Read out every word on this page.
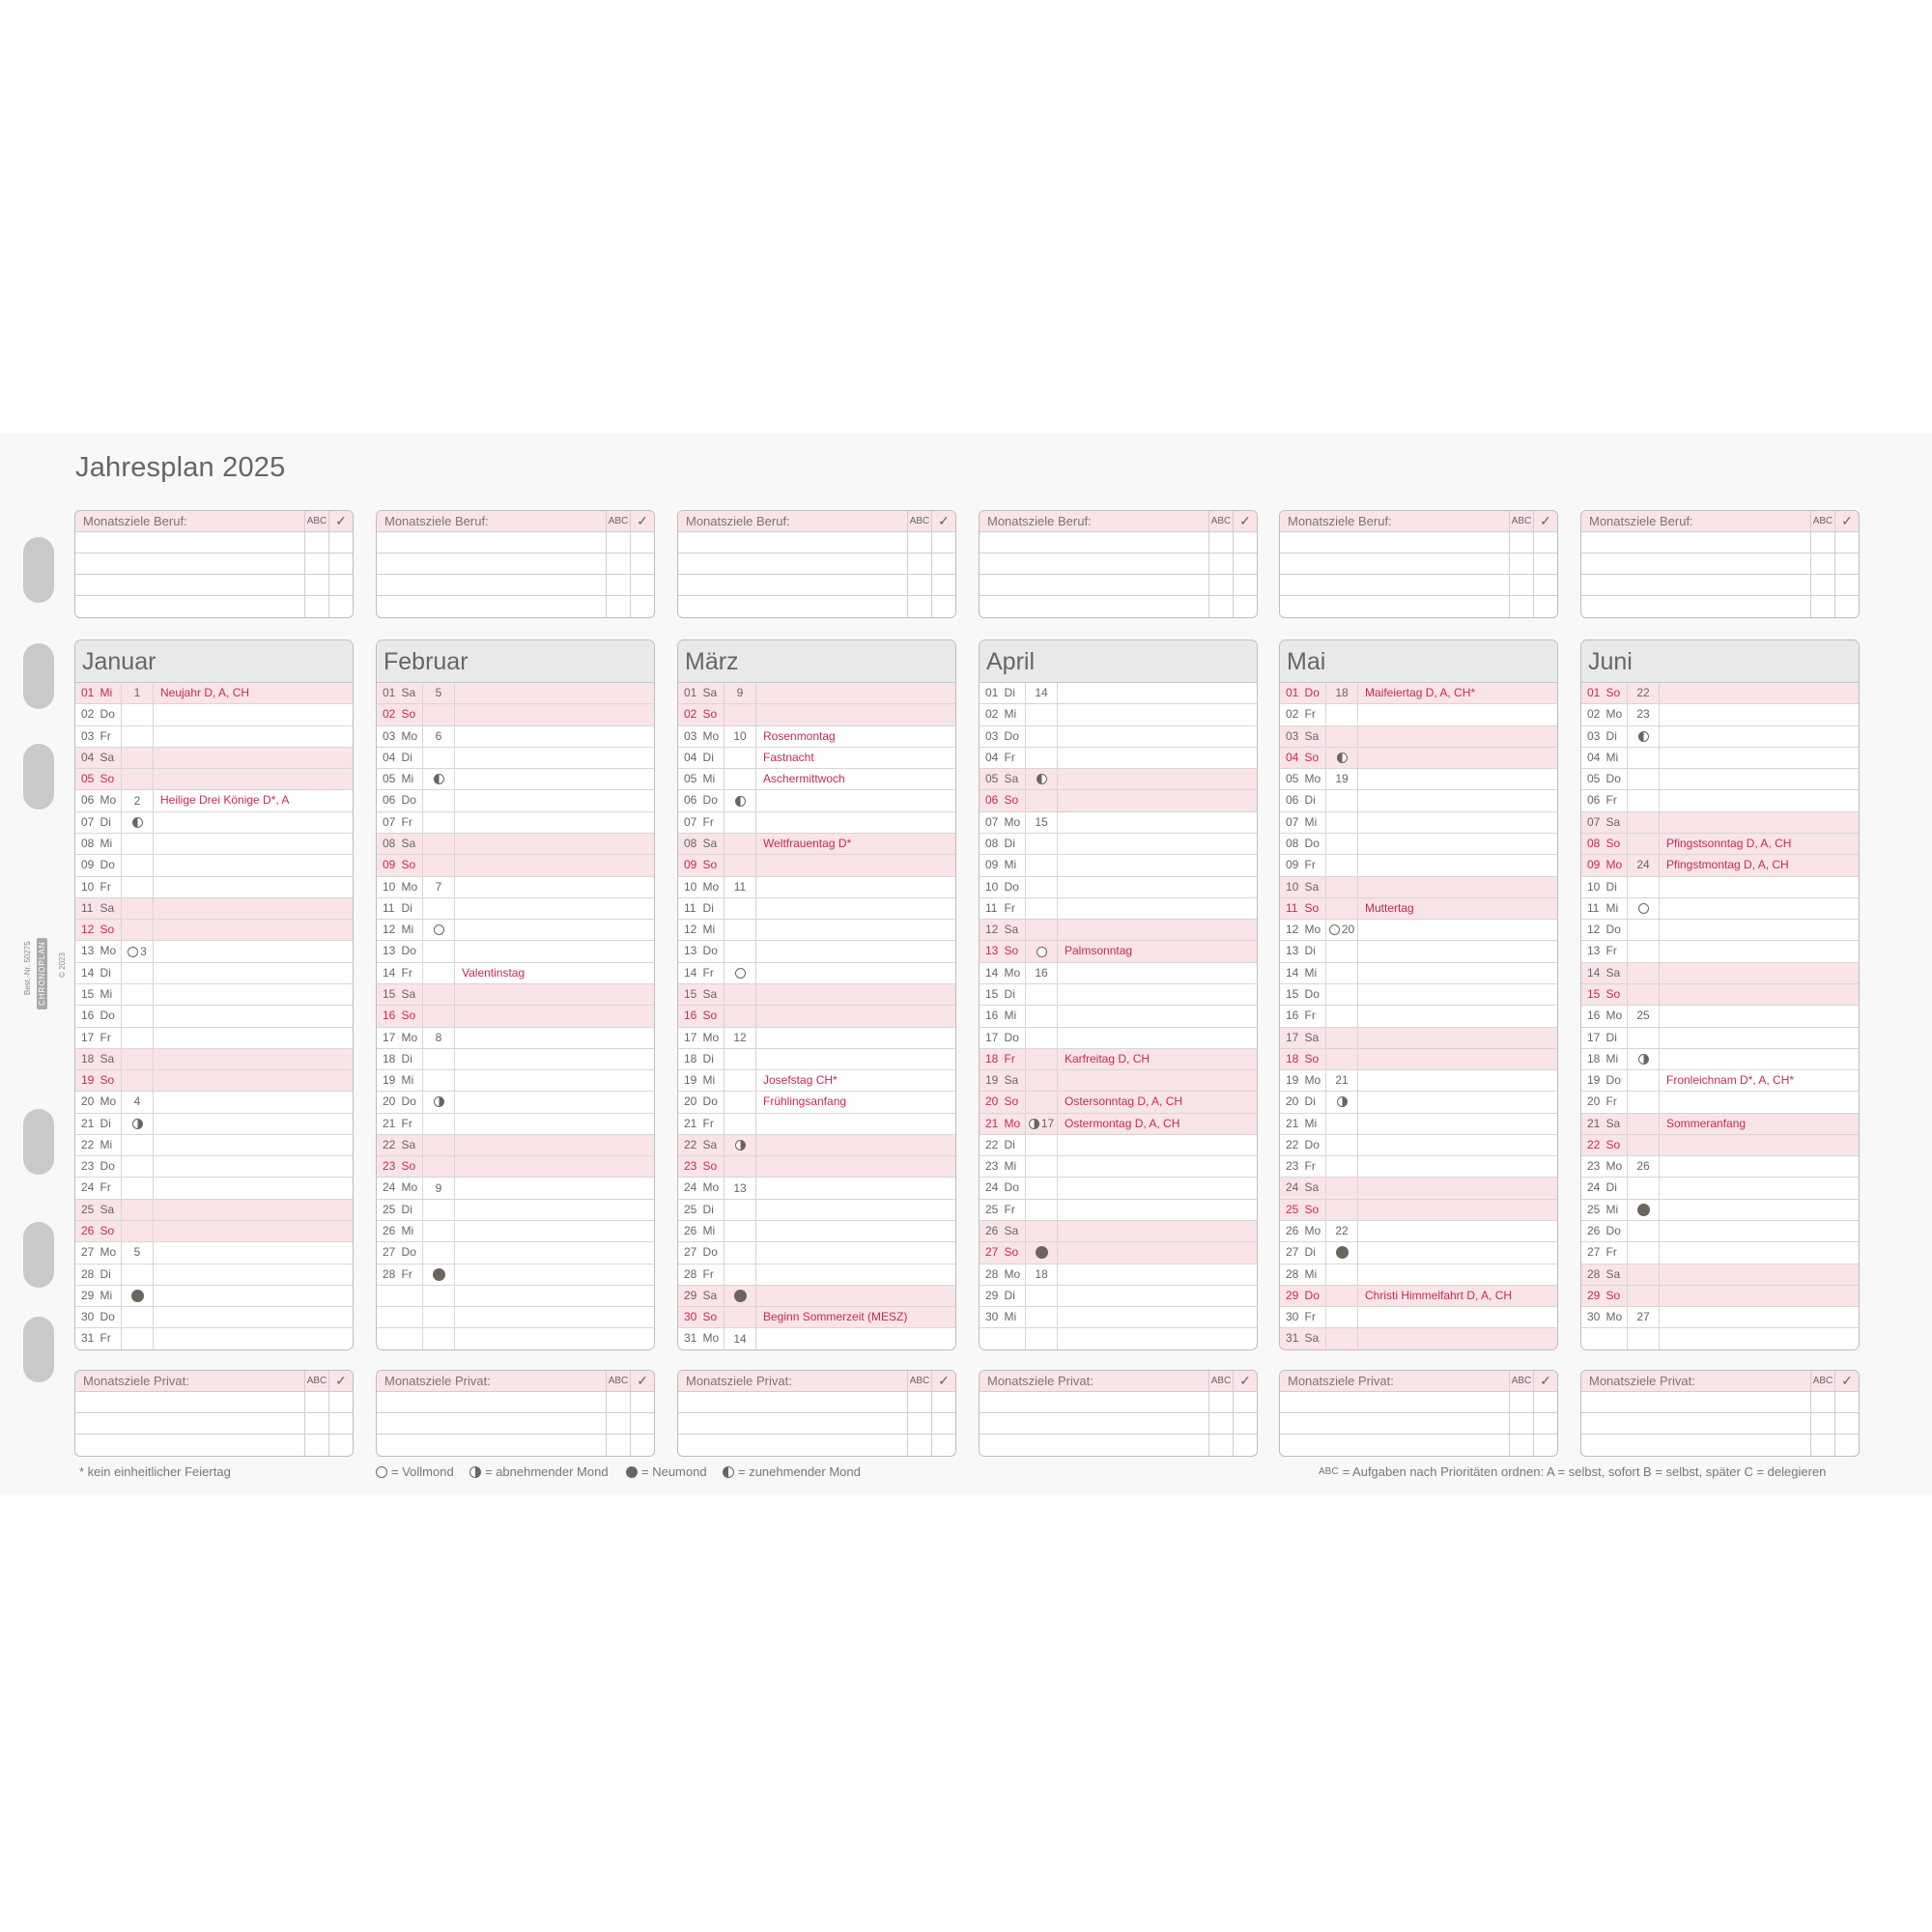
Jahresplan 2025
Best.-Nr. 50275	© 2023
CHRONOPLAN
Monatsziele Beruf:	ABC ✓	Monatsziele Beruf:	ABC ✓	Monatsziele Beruf:	ABC ✓	Monatsziele Beruf:	ABC ✓	Monatsziele Beruf:	ABC ✓	Monatsziele Beruf:	ABC ✓
Januar
01 Mi	1	Neujahr D, A, CH
02 Do
03 Fr
04 Sa
05 So
06 Mo	2	Heilige Drei Könige D*, A
07 Di
08 Mi
09 Do
10 Fr
11 Sa
12 So
13 Mo	3
14 Di
15 Mi
16 Do
17 Fr
18 Sa
19 So
20 Mo	4
21 Di
22 Mi
23 Do
24 Fr
25 Sa
26 So
27 Mo	5
28 Di
29 Mi
30 Do
31 Fr
Februar
01 Sa	5
02 So
03 Mo	6
04 Di
05 Mi
06 Do
07 Fr
08 Sa
09 So
10 Mo	7
11 Di
12 Mi
13 Do
14 Fr	Valentinstag
15 Sa
16 So
17 Mo	8
18 Di
19 Mi
20 Do
21 Fr
22 Sa
23 So
24 Mo	9
25 Di
26 Mi
27 Do
28 Fr
März
01 Sa	9
02 So
03 Mo	10	Rosenmontag
04 Di	Fastnacht
05 Mi	Aschermittwoch
06 Do
07 Fr
08 Sa	Weltfrauentag D*
09 So
10 Mo	11
11 Di
12 Mi
13 Do
14 Fr
15 Sa
16 So
17 Mo	12
18 Di
19 Mi	Josefstag CH*
20 Do	Frühlingsanfang
21 Fr
22 Sa
23 So
24 Mo	13
25 Di
26 Mi
27 Do
28 Fr
29 Sa
30 So	Beginn Sommerzeit (MESZ)
31 Mo	14
April
01 Di	14
02 Mi
03 Do
04 Fr
05 Sa
06 So
07 Mo	15
08 Di
09 Mi
10 Do
11 Fr
12 Sa
13 So	Palmsonntag
14 Mo	16
15 Di
16 Mi
17 Do
18 Fr	Karfreitag D, CH
19 Sa
20 So	Ostersonntag D, A, CH
21 Mo	17 Ostermontag D, A, CH
22 Di
23 Mi
24 Do
25 Fr
26 Sa
27 So
28 Mo	18
29 Di
30 Mi
Mai
01 Do	18	Maifeiertag D, A, CH*
02 Fr
03 Sa
04 So
05 Mo	19
06 Di
07 Mi
08 Do
09 Fr
10 Sa
11 So	Muttertag
12 Mo	20
13 Di
14 Mi
15 Do
16 Fr
17 Sa
18 So
19 Mo	21
20 Di
21 Mi
22 Do
23 Fr
24 Sa
25 So
26 Mo	22
27 Di
28 Mi
29 Do	Christi Himmelfahrt D, A, CH
30 Fr
31 Sa
Juni
01 So	22
02 Mo	23
03 Di
04 Mi
05 Do
06 Fr
07 Sa
08 So	Pfingstsonntag D, A, CH
09 Mo	24	Pfingstmontag D, A, CH
10 Di
11 Mi
12 Do
13 Fr
14 Sa
15 So
16 Mo	25
17 Di
18 Mi
19 Do	Fronleichnam D*, A, CH*
20 Fr
21 Sa	Sommeranfang
22 So
23 Mo	26
24 Di
25 Mi
26 Do
27 Fr
28 Sa
29 So
30 Mo	27
Monatsziele Privat:	ABC ✓	Monatsziele Privat:	ABC ✓	Monatsziele Privat:	ABC ✓	Monatsziele Privat:	ABC ✓	Monatsziele Privat:	ABC ✓	Monatsziele Privat:	ABC ✓
* kein einheitlicher Feiertag	= Vollmond = abnehmender Mond	= Neumond = zunehmender Mond	ABC = Aufgaben nach Prioritäten ordnen: A = selbst, sofort B = selbst, später C = delegieren
